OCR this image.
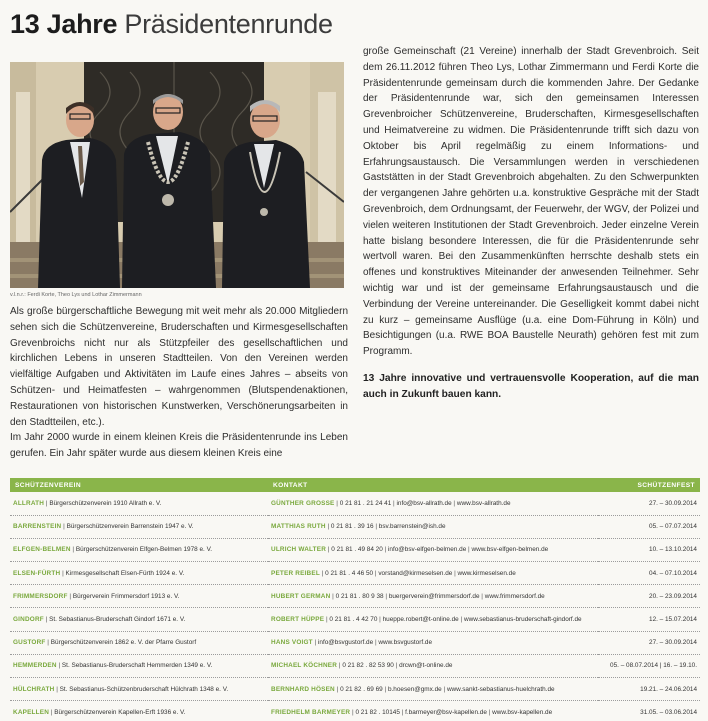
13 Jahre Präsidentenrunde
v.l.n.r.: Ferdi Korte, Theo Lys und Lothar Zimmermann

Als große bürgerschaftliche Bewegung mit weit mehr als 20.000 Mitgliedern sehen sich die Schützenvereine, Bruderschaften und Kirmesgesellschaften Grevenbroichs nicht nur als Stützpfeiler des gesellschaftlichen und kirchlichen Lebens in unseren Stadtteilen. Von den Vereinen werden vielfältige Aufgaben und Aktivitäten im Laufe eines Jahres – abseits von Schützen- und Heimatfesten – wahrgenommen (Blutspendenaktionen, Restaurationen von historischen Kunstwerken, Verschönerungsarbeiten in den Stadtteilen, etc.).

Im Jahr 2000 wurde in einem kleinen Kreis die Präsidentenrunde ins Leben gerufen. Ein Jahr später wurde aus diesem kleinen Kreis eine

große Gemeinschaft (21 Vereine) innerhalb der Stadt Grevenbroich. Seit dem 26.11.2012 führen Theo Lys, Lothar Zimmermann und Ferdi Korte die Präsidentenrunde gemeinsam durch die kommenden Jahre. Der Gedanke der Präsidentenrunde war, sich den gemeinsamen Interessen Grevenbroicher Schützenvereine, Bruderschaften, Kirmesgesellschaften und Heimatvereine zu widmen. Die Präsidentenrunde trifft sich dazu von Oktober bis April regelmäßig zu einem Informations- und Erfahrungsaustausch. Die Versammlungen werden in verschiedenen Gaststätten in der Stadt Grevenbroich abgehalten. Zu den Schwerpunkten der vergangenen Jahre gehörten u.a. konstruktive Gespräche mit der Stadt Grevenbroich, dem Ordnungsamt, der Feuerwehr, der WGV, der Polizei und vielen weiteren Institutionen der Stadt Grevenbroich. Jeder einzelne Verein hatte bislang besondere Interessen, die für die Präsidentenrunde sehr wertvoll waren. Bei den Zusammenkünften herrschte deshalb stets ein offenes und konstruktives Miteinander der anwesenden Teilnehmer. Sehr wichtig war und ist der gemeinsame Erfahrungsaustausch und die Verbindung der Vereine untereinander. Die Geselligkeit kommt dabei nicht zu kurz – gemeinsame Ausflüge (u.a. eine Dom-Führung in Köln) und Besichtigungen (u.a. RWE BOA Baustelle Neurath) gehören fest mit zum Programm.

13 Jahre innovative und vertrauensvolle Kooperation, auf die man auch in Zukunft bauen kann.

SCHÜTZENVEREIN	KONTAKT	SCHÜTZENFEST
ALLRATH | Bürgerschützenverein 1910 Allrath e. V.	GÜNTHER GROSSE | 0 21 81 . 21 24 41 | info@bsv-allrath.de | www.bsv-allrath.de	27. – 30.09.2014
BARRENSTEIN | Bürgerschützenverein Barrenstein 1947 e. V.	MATTHIAS RUTH | 0 21 81 . 39 16 | bsv.barrenstein@ish.de	05. – 07.07.2014
ELFGEN-BELMEN | Bürgerschützenverein Elfgen-Belmen 1978 e. V.	ULRICH WALTER | 0 21 81 . 49 84 20 | info@bsv-elfgen-belmen.de | www.bsv-elfgen-belmen.de	10. – 13.10.2014
ELSEN-FÜRTH | Kirmesgesellschaft Elsen-Fürth 1924 e. V.	PETER REIBEL | 0 21 81 . 4 46 50 | vorstand@kirmeselsen.de | www.kirmeselsen.de	04. – 07.10.2014
FRIMMERSDORF | Bürgerverein Frimmersdorf 1913 e. V.	HUBERT GERMAN | 0 21 81 . 80 9 38 | buergerverein@frimmersdorf.de | www.frimmersdorf.de	20. – 23.09.2014
GINDORF | St. Sebastianus-Bruderschaft Gindorf 1671 e. V.	ROBERT HÜPPE | 0 21 81 . 4 42 70 | hueppe.robert@t-online.de | www.sebastianus-bruderschaft-gindorf.de	12. – 15.07.2014
GUSTORF | Bürgerschützenverein 1862 e. V. der Pfarre Gustorf	HANS VOIGT | info@bsvgustorf.de | www.bsvgustorf.de	27. – 30.09.2014
HEMMERDEN | St. Sebastianus-Bruderschaft Hemmerden 1349 e. V.	MICHAEL KÖCHNER | 0 21 82 . 82 53 90 | drcwn@t-online.de	05. – 08.07.2014 | 16. – 19.10.
HÜLCHRATH | St. Sebastianus-Schützenbruderschaft Hülchrath 1348 e. V.	BERNHARD HÖSEN | 0 21 82 . 69 69 | b.hoesen@gmx.de | www.sankt-sebastianus-huelchrath.de	19.21. – 24.06.2014
KAPELLEN | Bürgerschützenverein Kapellen-Erft 1936 e. V.	FRIEDHELM BARMEYER | 0 21 82 . 10145 | f.barmeyer@bsv-kapellen.de | www.bsv-kapellen.de	31.05. – 03.06.2014
